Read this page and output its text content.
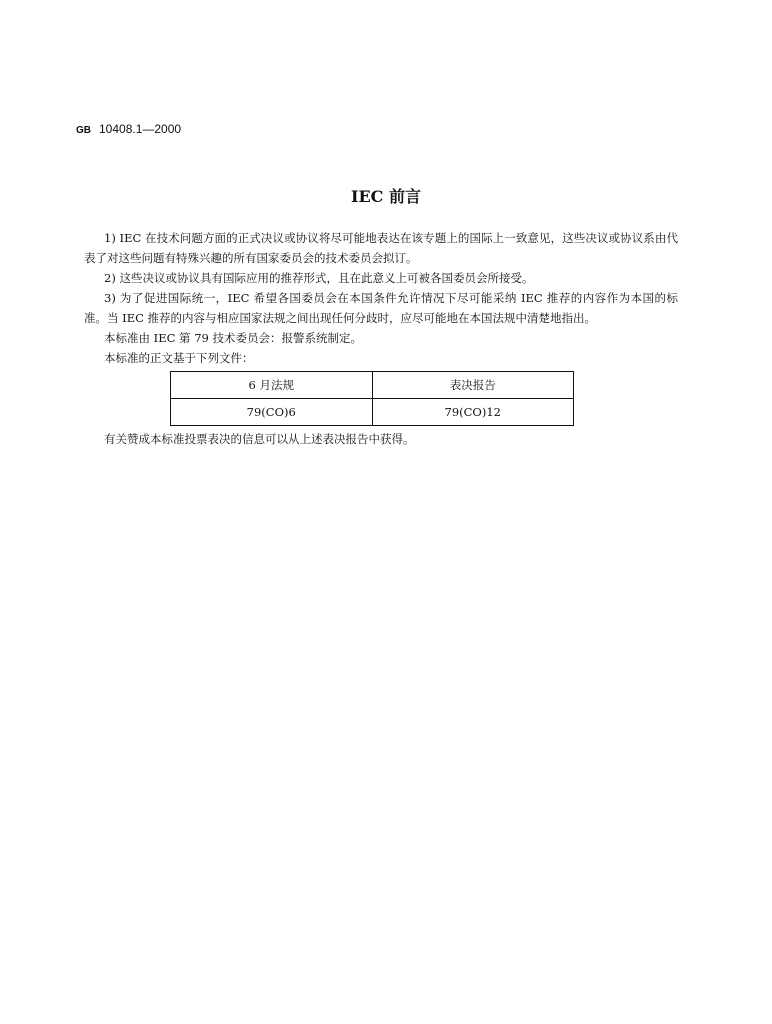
GB 10408.1—2000
IEC 前言

1) IEC 在技术问题方面的正式决议或协议将尽可能地表达在该专题上的国际上一致意见，这些决议或协议系由代表了对这些问题有特殊兴趣的所有国家委员会的技术委员会拟订。

2) 这些决议或协议具有国际应用的推荐形式，且在此意义上可被各国委员会所接受。

3) 为了促进国际统一，IEC 希望各国委员会在本国条件允许情况下尽可能采纳 IEC 推荐的内容作为本国的标准。当 IEC 推荐的内容与相应国家法规之间出现任何分歧时，应尽可能地在本国法规中清楚地指出。

本标准由 IEC 第 79 技术委员会：报警系统制定。

本标准的正文基于下列文件：

6 月法规	表决报告
79(CO)6	79(CO)12

有关赞成本标准投票表决的信息可以从上述表决报告中获得。
